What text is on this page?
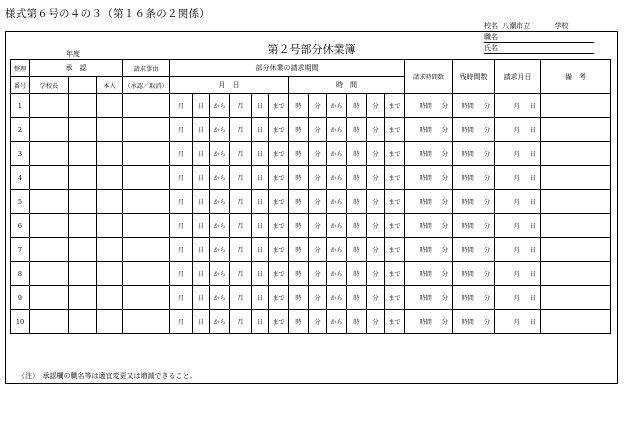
様式第６号の４の３（第１６条の２関係）
第２号部分休業簿
校名 八潮市立	学校
職名
氏名
年度
整理	承　認			請求事由	部分休業の請求期間												請求時間数	残時間数	請求月日	備　考
番号	学校長		本人	（承認／取消）	月　日						時　間									
1					月	日	から	月	日	まで	時	分	から	時	分	まで	時間 分	時間 分	月 日	
2					月	日	から	月	日	まで	時	分	から	時	分	まで	時間 分	時間 分	月 日	
3					月	日	から	月	日	まで	時	分	から	時	分	まで	時間 分	時間 分	月 日	
4					月	日	から	月	日	まで	時	分	から	時	分	まで	時間 分	時間 分	月 日	
5					月	日	から	月	日	まで	時	分	から	時	分	まで	時間 分	時間 分	月 日	
6					月	日	から	月	日	まで	時	分	から	時	分	まで	時間 分	時間 分	月 日	
7					月	日	から	月	日	まで	時	分	から	時	分	まで	時間 分	時間 分	月 日	
8					月	日	から	月	日	まで	時	分	から	時	分	まで	時間 分	時間 分	月 日	
9					月	日	から	月	日	まで	時	分	から	時	分	まで	時間 分	時間 分	月 日	
10					月	日	から	月	日	まで	時	分	から	時	分	まで	時間 分	時間 分	月 日	
（注）　承認欄の職名等は適宜変更又は増減できること。
